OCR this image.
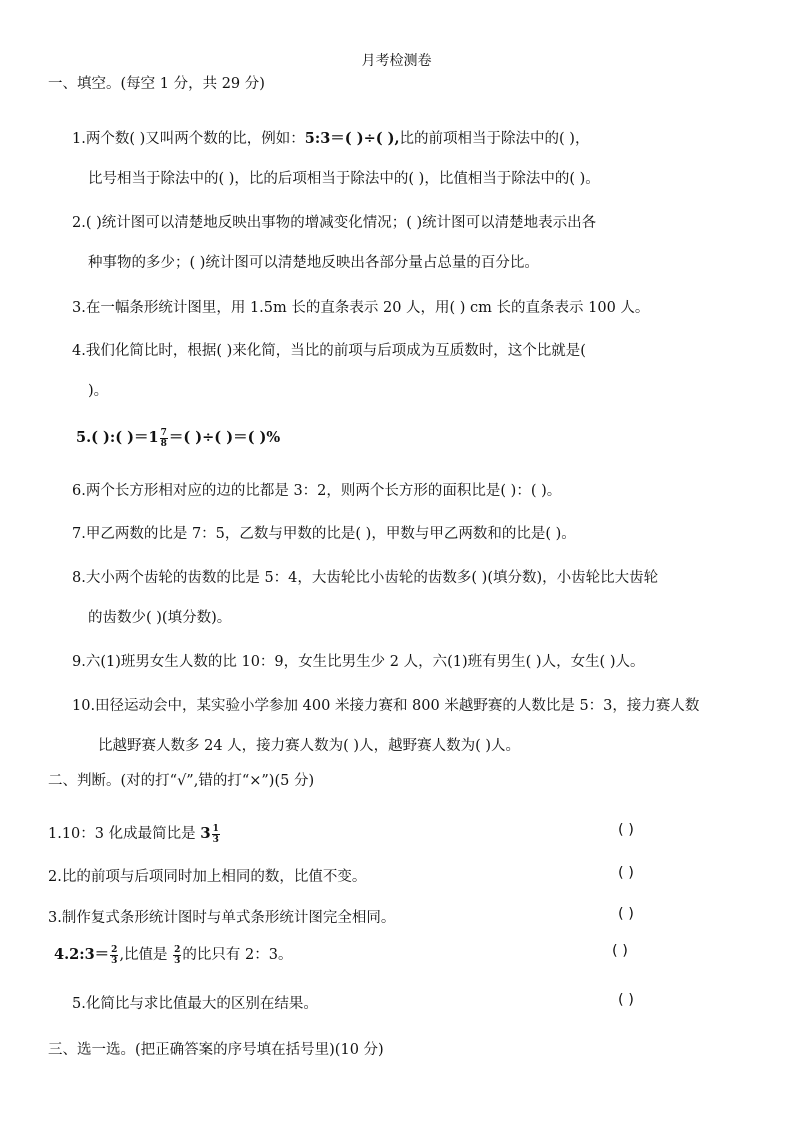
月考检测卷
一、填空。(每空 1 分，共 29 分)
1.两个数( )又叫两个数的比，例如：5:3＝( )÷( ),比的前项相当于除法中的( )，
比号相当于除法中的( )，比的后项相当于除法中的( )，比值相当于除法中的( )。
2.( )统计图可以清楚地反映出事物的增减变化情况；( )统计图可以清楚地表示出各
种事物的多少；( )统计图可以清楚地反映出各部分量占总量的百分比。
3.在一幅条形统计图里，用 1.5m 长的直条表示 20 人，用( ) cm 长的直条表示 100 人。
4.我们化简比时，根据( )来化简，当比的前项与后项成为互质数时，这个比就是(
)。
5.( ):( )$=1 \frac{7}{8}$ ＝( )÷( )＝( )%
6.两个长方形相对应的边的比都是 3：2，则两个长方形的面积比是( )：( )。
7.甲乙两数的比是 7：5，乙数与甲数的比是( )，甲数与甲乙两数和的比是( )。
8.大小两个齿轮的齿数的比是 5：4，大齿轮比小齿轮的齿数多( )(填分数)，小齿轮比大齿轮
的齿数少( )(填分数)。
9.六(1)班男女生人数的比 10：9，女生比男生少 2 人，六(1)班有男生( )人，女生( )人。
10.田径运动会中，某实验小学参加 400 米接力赛和 800 米越野赛的人数比是 5：3，接力赛人数
比越野赛人数多 24 人，接力赛人数为( )人，越野赛人数为( )人。
二、判断。(对的打“√”,错的打“×”)(5 分)
1.10：3 化成最简比是 $3 \frac{1}{3}$	( )
2.比的前项与后项同时加上相同的数，比值不变。	( )
3.制作复式条形统计图时与单式条形统计图完全相同。	( )
4.2:3＝ $\frac{2}{3}$ ,比值是 $\frac{2}{3}$ 的比只有 2：3。	( )
5.化简比与求比值最大的区别在结果。	( )
三、选一选。(把正确答案的序号填在括号里)(10 分)
